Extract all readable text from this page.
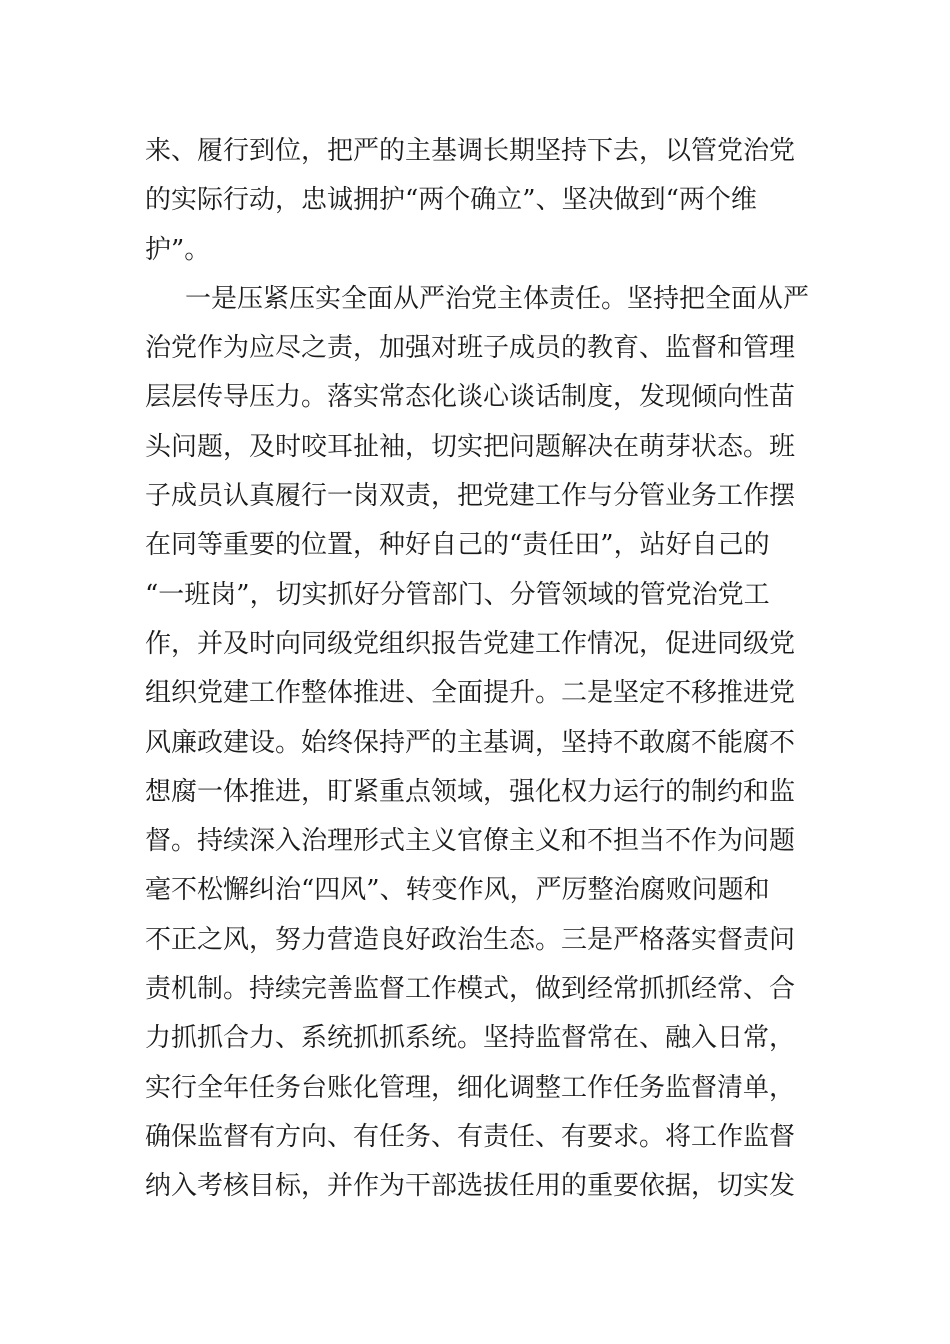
来、履行到位，把严的主基调长期坚持下去，以管党治党
的实际行动，忠诚拥护“两个确立”、坚决做到“两个维
护”。
一是压紧压实全面从严治党主体责任。坚持把全面从严
治党作为应尽之责，加强对班子成员的教育、监督和管理
层层传导压力。落实常态化谈心谈话制度，发现倾向性苗
头问题，及时咬耳扯袖，切实把问题解决在萌芽状态。班
子成员认真履行一岗双责，把党建工作与分管业务工作摆
在同等重要的位置，种好自己的“责任田”，站好自己的
“一班岗”，切实抓好分管部门、分管领域的管党治党工
作，并及时向同级党组织报告党建工作情况，促进同级党
组织党建工作整体推进、全面提升。二是坚定不移推进党
风廉政建设。始终保持严的主基调，坚持不敢腐不能腐不
想腐一体推进，盯紧重点领域，强化权力运行的制约和监
督。持续深入治理形式主义官僚主义和不担当不作为问题
毫不松懈纠治“四风”、转变作风，严厉整治腐败问题和
不正之风，努力营造良好政治生态。三是严格落实督责问
责机制。持续完善监督工作模式，做到经常抓抓经常、合
力抓抓合力、系统抓抓系统。坚持监督常在、融入日常，
实行全年任务台账化管理，细化调整工作任务监督清单，
确保监督有方向、有任务、有责任、有要求。将工作监督
纳入考核目标，并作为干部选拔任用的重要依据，切实发
